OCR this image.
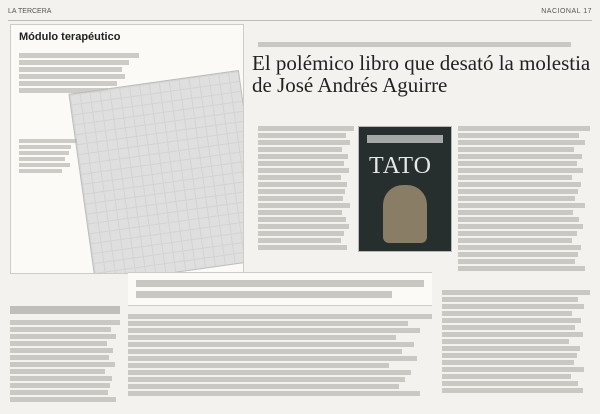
LA TERCERA	NACIONAL 17
Módulo terapéutico
El polémico libro que desató la molestia de José Andrés Aguirre
TATO
